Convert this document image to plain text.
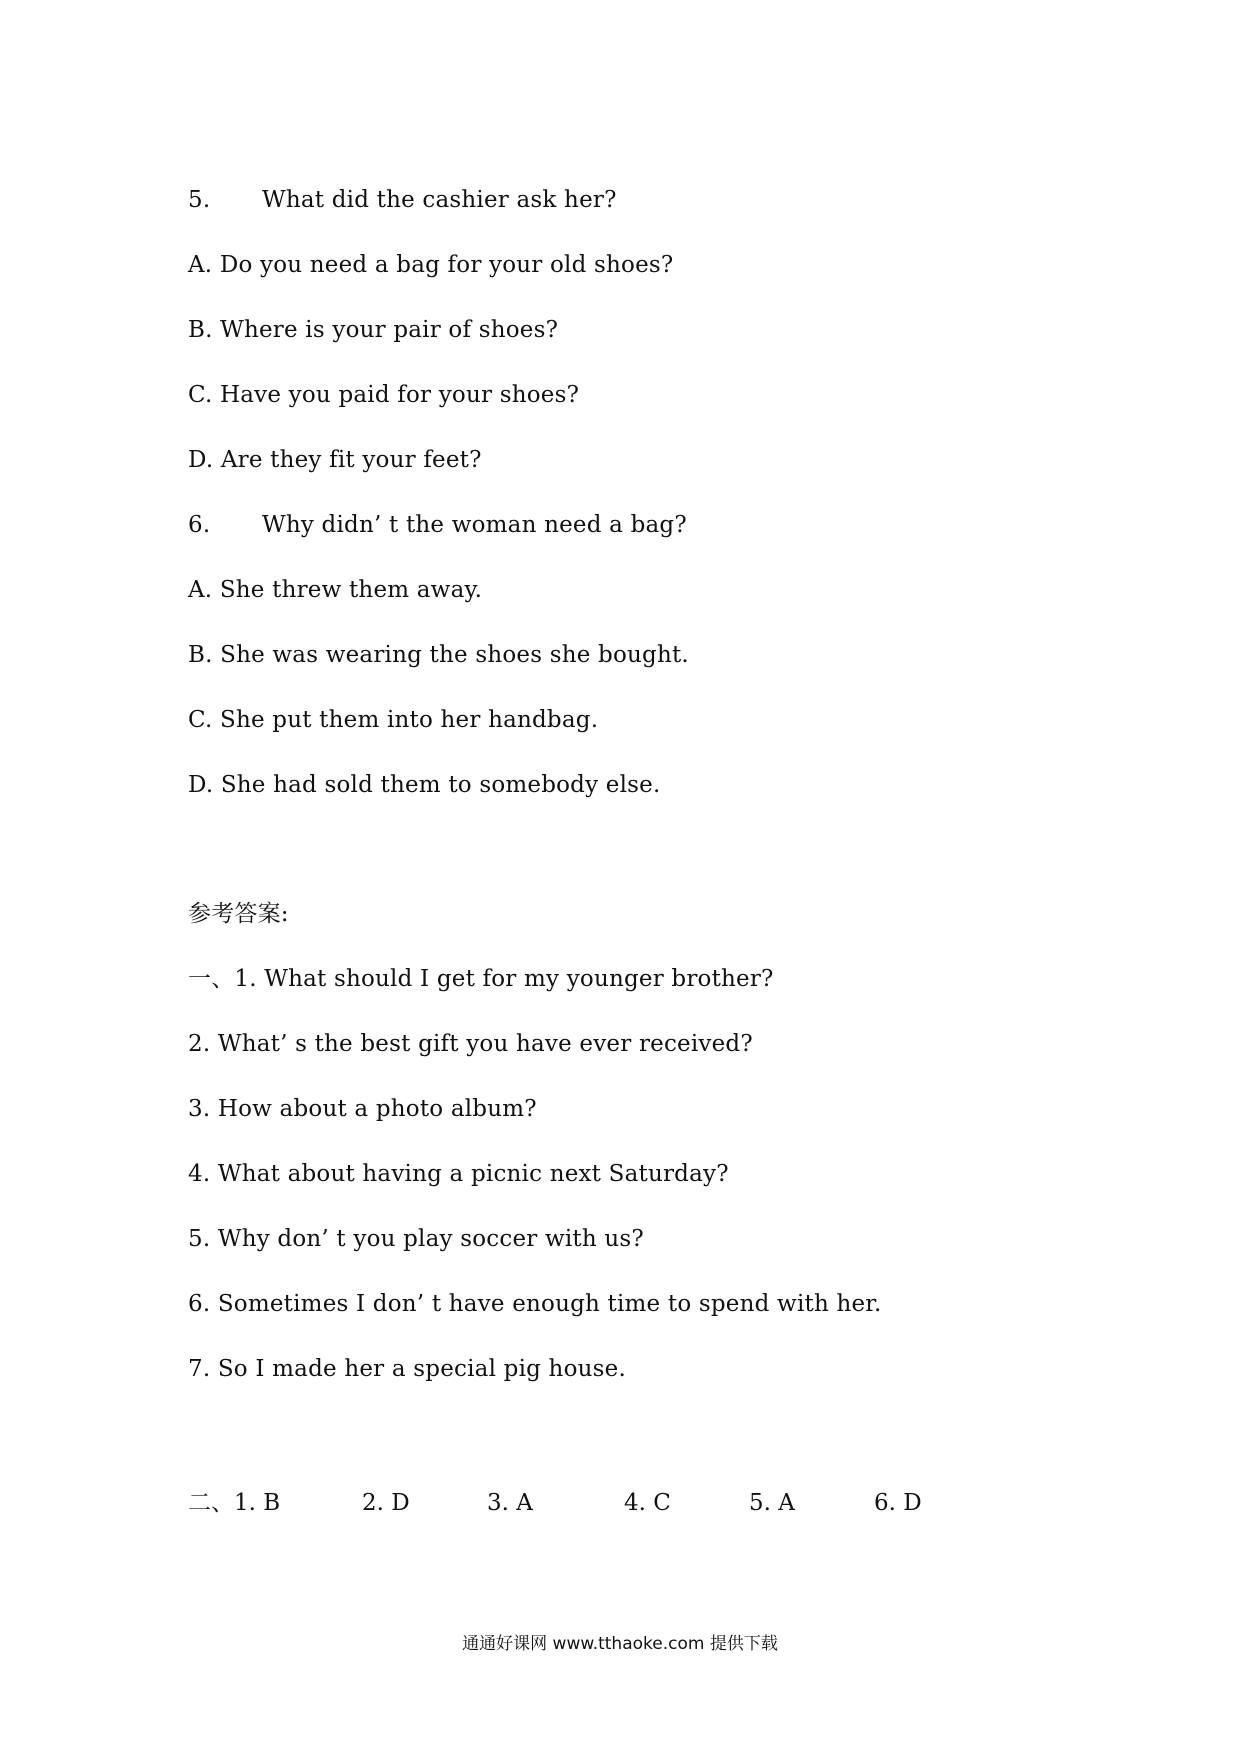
5. What did the cashier ask her?
A. Do you need a bag for your old shoes?
B. Where is your pair of shoes?
C. Have you paid for your shoes?
D. Are they fit your feet?
6. Why didn’ t the woman need a bag?
A. She threw them away.
B. She was wearing the shoes she bought.
C. She put them into her handbag.
D. She had sold them to somebody else.
参考答案:
一、1. What should I get for my younger brother?
2. What’ s the best gift you have ever received?
3. How about a photo album?
4. What about having a picnic next Saturday?
5. Why don’ t you play soccer with us?
6. Sometimes I don’ t have enough time to spend with her.
7. So I made her a special pig house.

二、1. B

	2. D

	3. A

	4. C

	5. A

	6. D

通通好课网 www.tthaoke.com 提供下载
